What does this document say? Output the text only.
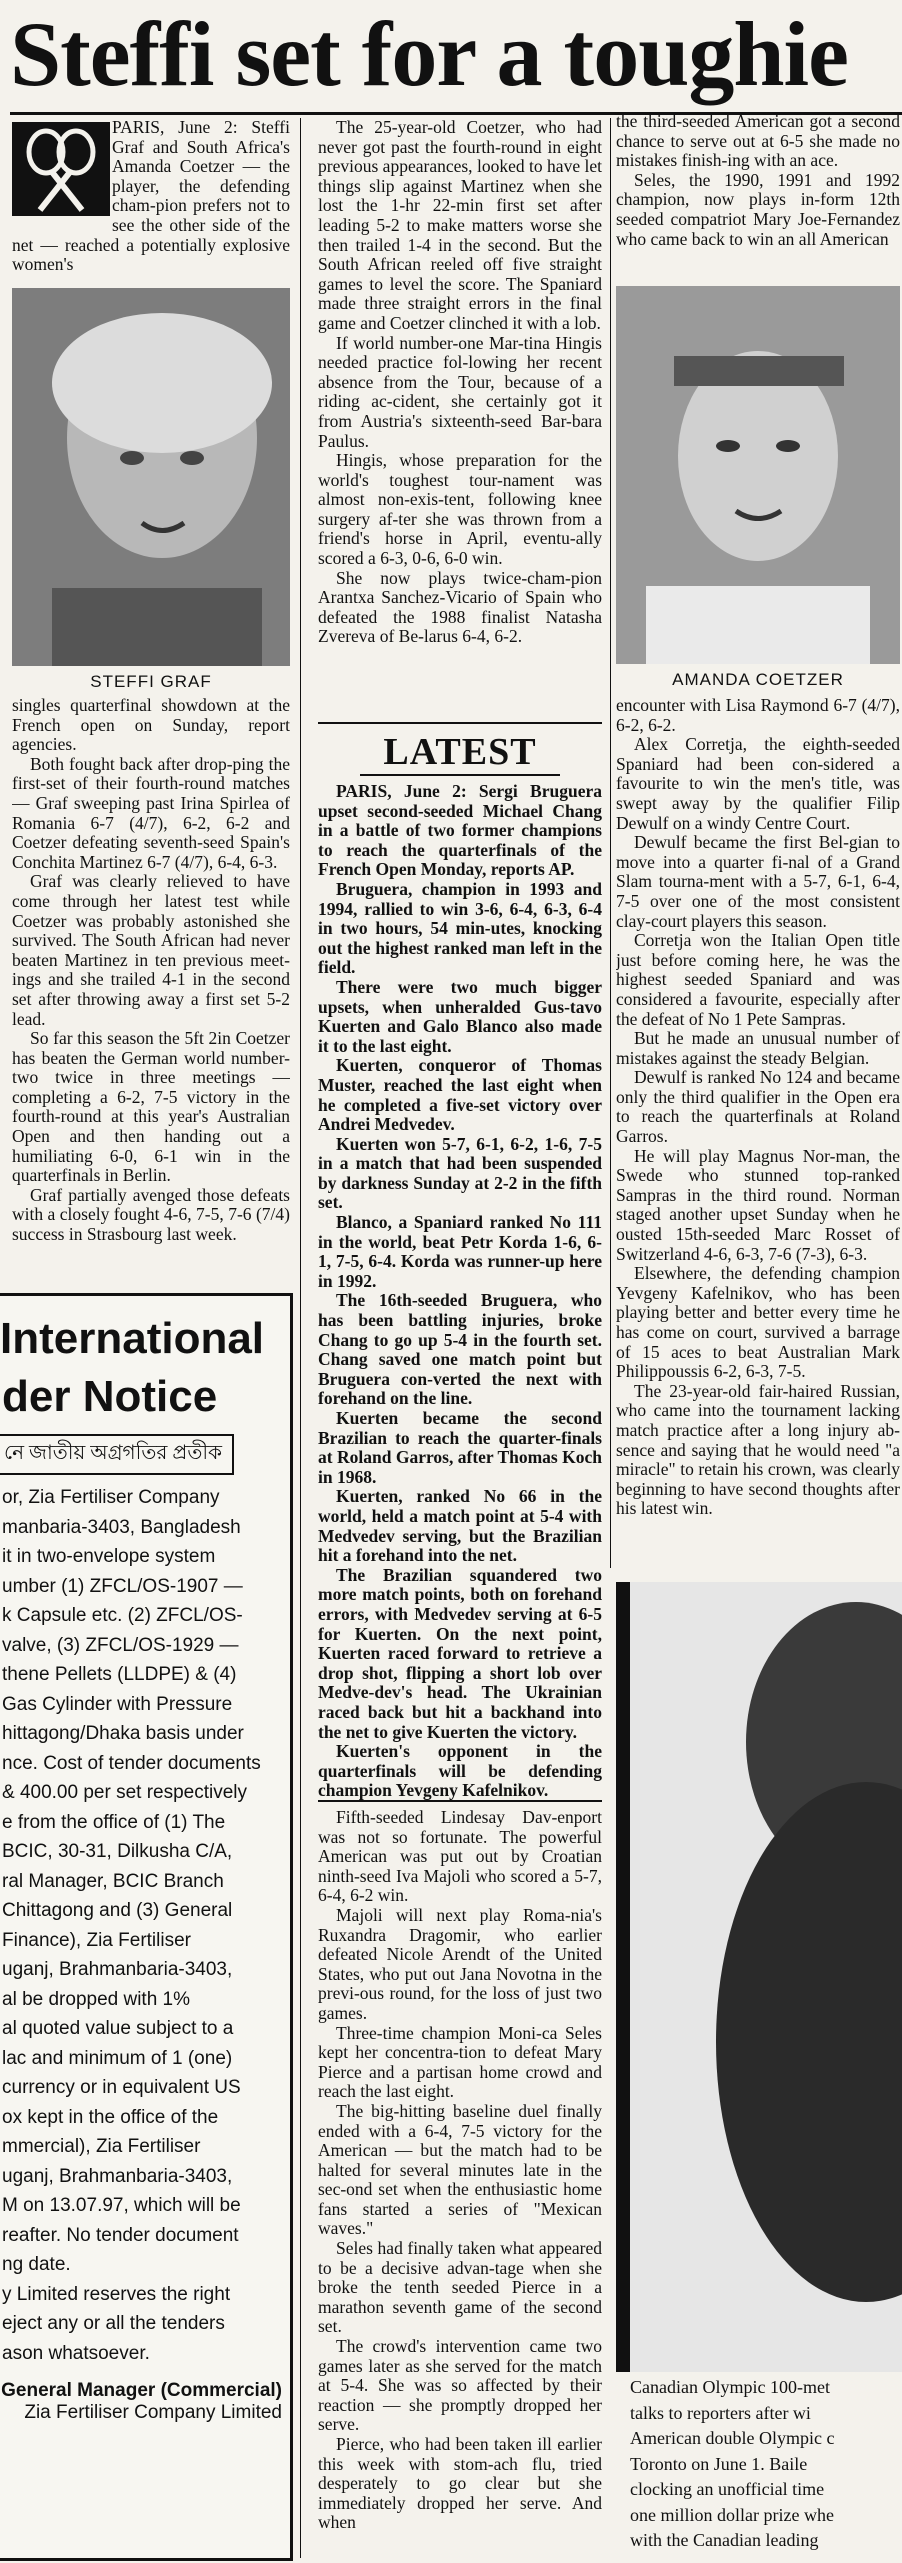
Steffi set for a toughie

PARIS, June 2: Steffi Graf and South Africa's Amanda Coetzer — the player, the defending cham-pion prefers not to see the other side of the net — reached a potentially explosive women's

STEFFI GRAF

singles quarterfinal showdown at the French open on Sunday, report agencies.

Both fought back after drop-ping the first-set of their fourth-round matches — Graf sweeping past Irina Spirlea of Romania 6-7 (4/7), 6-2, 6-2 and Coetzer defeating seventh-seed Spain's Conchita Martinez 6-7 (4/7), 6-4, 6-3.

Graf was clearly relieved to have come through her latest test while Coetzer was probably astonished she survived. The South African had never beaten Martinez in ten previous meet-ings and she trailed 4-1 in the second set after throwing away a first set 5-2 lead.

So far this season the 5ft 2in Coetzer has beaten the German world number-two twice in three meetings — completing a 6-2, 7-5 victory in the fourth-round at this year's Australian Open and then handing out a humiliating 6-0, 6-1 win in the quarterfinals in Berlin.

Graf partially avenged those defeats with a closely fought 4-6, 7-5, 7-6 (7/4) success in Strasbourg last week.

International
der Notice
নে জাতীয় অগ্রগতির প্রতীক
or, Zia Fertiliser Company
manbaria-3403, Bangladesh
it in two-envelope system
umber (1) ZFCL/OS-1907 —
k Capsule etc. (2) ZFCL/OS-
valve, (3) ZFCL/OS-1929 —
thene Pellets (LLDPE) & (4)
Gas Cylinder with Pressure
hittagong/Dhaka basis under
nce. Cost of tender documents
& 400.00 per set respectively
e from the office of (1) The
BCIC, 30-31, Dilkusha C/A,
ral Manager, BCIC Branch
Chittagong and (3) General
Finance), Zia Fertiliser
uganj, Brahmanbaria-3403,
al be dropped with 1%
al quoted value subject to a
lac and minimum of 1 (one)
currency or in equivalent US
ox kept in the office of the
mmercial), Zia Fertiliser
uganj, Brahmanbaria-3403,
M on 13.07.97, which will be
reafter. No tender document
ng date.
y Limited reserves the right
eject any or all the tenders
ason whatsoever.
General Manager (Commercial)
Zia Fertiliser Company Limited

The 25-year-old Coetzer, who had never got past the fourth-round in eight previous appearances, looked to have let things slip against Martinez when she lost the 1-hr 22-min first set after leading 5-2 to make matters worse she then trailed 1-4 in the second. But the South African reeled off five straight games to level the score. The Spaniard made three straight errors in the final game and Coetzer clinched it with a lob.

If world number-one Mar-tina Hingis needed practice fol-lowing her recent absence from the Tour, because of a riding ac-cident, she certainly got it from Austria's sixteenth-seed Bar-bara Paulus.

Hingis, whose preparation for the world's toughest tour-nament was almost non-exis-tent, following knee surgery af-ter she was thrown from a friend's horse in April, eventu-ally scored a 6-3, 0-6, 6-0 win.

She now plays twice-cham-pion Arantxa Sanchez-Vicario of Spain who defeated the 1988 finalist Natasha Zvereva of Be-larus 6-4, 6-2.

LATEST

PARIS, June 2: Sergi Bruguera upset second-seeded Michael Chang in a battle of two former champions to reach the quarterfinals of the French Open Monday, reports AP.

Bruguera, champion in 1993 and 1994, rallied to win 3-6, 6-4, 6-3, 6-4 in two hours, 54 min-utes, knocking out the highest ranked man left in the field.

There were two much bigger upsets, when unheralded Gus-tavo Kuerten and Galo Blanco also made it to the last eight.

Kuerten, conqueror of Thomas Muster, reached the last eight when he completed a five-set victory over Andrei Medvedev.

Kuerten won 5-7, 6-1, 6-2, 1-6, 7-5 in a match that had been suspended by darkness Sunday at 2-2 in the fifth set.

Blanco, a Spaniard ranked No 111 in the world, beat Petr Korda 1-6, 6-1, 7-5, 6-4. Korda was runner-up here in 1992.

The 16th-seeded Bruguera, who has been battling injuries, broke Chang to go up 5-4 in the fourth set. Chang saved one match point but Bruguera con-verted the next with forehand on the line.

Kuerten became the second Brazilian to reach the quarter-finals at Roland Garros, after Thomas Koch in 1968.

Kuerten, ranked No 66 in the world, held a match point at 5-4 with Medvedev serving, but the Brazilian hit a forehand into the net.

The Brazilian squandered two more match points, both on forehand errors, with Medvedev serving at 6-5 for Kuerten. On the next point, Kuerten raced forward to retrieve a drop shot, flipping a short lob over Medve-dev's head. The Ukrainian raced back but hit a backhand into the net to give Kuerten the victory.

Kuerten's opponent in the quarterfinals will be defending champion Yevgeny Kafelnikov.

Fifth-seeded Lindesay Dav-enport was not so fortunate. The powerful American was put out by Croatian ninth-seed Iva Majoli who scored a 5-7, 6-4, 6-2 win.

Majoli will next play Roma-nia's Ruxandra Dragomir, who earlier defeated Nicole Arendt of the United States, who put out Jana Novotna in the previ-ous round, for the loss of just two games.

Three-time champion Moni-ca Seles kept her concentra-tion to defeat Mary Pierce and a partisan home crowd and reach the last eight.

The big-hitting baseline duel finally ended with a 6-4, 7-5 victory for the American — but the match had to be halted for several minutes late in the sec-ond set when the enthusiastic home fans started a series of "Mexican waves."

Seles had finally taken what appeared to be a decisive advan-tage when she broke the tenth seeded Pierce in a marathon seventh game of the second set.

The crowd's intervention came two games later as she served for the match at 5-4. She was so affected by their reaction — she promptly dropped her serve.

Pierce, who had been taken ill earlier this week with stom-ach flu, tried desperately to go clear but she immediately dropped her serve. And when

the third-seeded American got a second chance to serve out at 6-5 she made no mistakes finish-ing with an ace.

Seles, the 1990, 1991 and 1992 champion, now plays in-form 12th seeded compatriot Mary Joe-Fernandez who came back to win an all American

AMANDA COETZER

encounter with Lisa Raymond 6-7 (4/7), 6-2, 6-2.

Alex Corretja, the eighth-seeded Spaniard had been con-sidered a favourite to win the men's title, was swept away by the qualifier Filip Dewulf on a windy Centre Court.

Dewulf became the first Bel-gian to move into a quarter fi-nal of a Grand Slam tourna-ment with a 5-7, 6-1, 6-4, 7-5 over one of the most consistent clay-court players this season.

Corretja won the Italian Open title just before coming here, he was the highest seeded Spaniard and was considered a favourite, especially after the defeat of No 1 Pete Sampras.

But he made an unusual number of mistakes against the steady Belgian.

Dewulf is ranked No 124 and became only the third qualifier in the Open era to reach the quarterfinals at Roland Garros.

He will play Magnus Nor-man, the Swede who stunned top-ranked Sampras in the third round. Norman staged another upset Sunday when he ousted 15th-seeded Marc Rosset of Switzerland 4-6, 6-3, 7-6 (7-3), 6-3.

Elsewhere, the defending champion Yevgeny Kafelnikov, who has been playing better and better every time he has come on court, survived a barrage of 15 aces to beat Australian Mark Philippoussis 6-2, 6-3, 7-5.

The 23-year-old fair-haired Russian, who came into the tournament lacking match practice after a long injury ab-sence and saying that he would need "a miracle" to retain his crown, was clearly beginning to have second thoughts after his latest win.

Canadian Olympic 100-met
talks to reporters after wi
American double Olympic c
Toronto on June 1. Baile
clocking an unofficial time
one million dollar prize whe
with the Canadian leading
